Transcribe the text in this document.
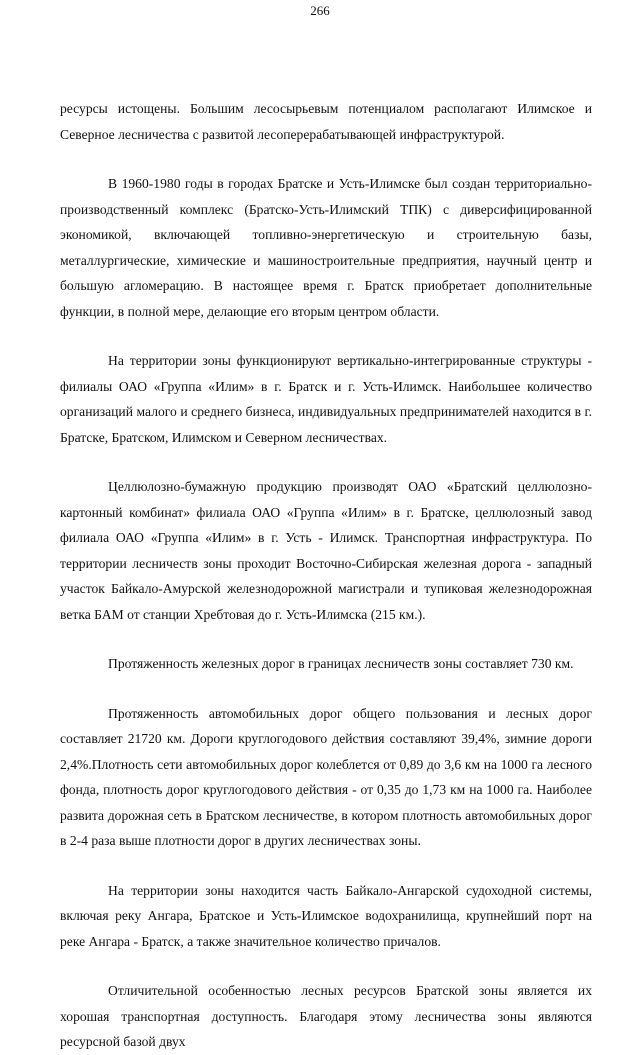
266

ресурсы истощены. Большим лесосырьевым потенциалом располагают Илимское и Северное лесничества с развитой лесоперерабатывающей инфраструктурой.

В 1960-1980 годы в городах Братске и Усть-Илимске был создан территориально-производственный комплекс (Братско-Усть-Илимский ТПК) с диверсифицированной экономикой, включающей топливно-энергетическую и строительную базы, металлургические, химические и машиностроительные предприятия, научный центр и большую агломерацию. В настоящее время г. Братск приобретает дополнительные функции, в полной мере, делающие его вторым центром области.

На территории зоны функционируют вертикально-интегрированные структуры - филиалы ОАО «Группа «Илим» в г. Братск и г. Усть-Илимск. Наибольшее количество организаций малого и среднего бизнеса, индивидуальных предпринимателей находится в г. Братске, Братском, Илимском и Северном лесничествах.

Целлюлозно-бумажную продукцию производят ОАО «Братский целлюлозно-картонный комбинат» филиала ОАО «Группа «Илим» в г. Братске, целлюлозный завод филиала ОАО «Группа «Илим» в г. Усть - Илимск. Транспортная инфраструктура. По территории лесничеств зоны проходит Восточно-Сибирская железная дорога - западный участок Байкало-Амурской железнодорожной магистрали и тупиковая железнодорожная ветка БАМ от станции Хребтовая до г. Усть-Илимска (215 км.).

Протяженность железных дорог в границах лесничеств зоны составляет 730 км.

Протяженность автомобильных дорог общего пользования и лесных дорог составляет 21720 км. Дороги круглогодового действия составляют 39,4%, зимние дороги 2,4%.Плотность сети автомобильных дорог колеблется от 0,89 до 3,6 км на 1000 га лесного фонда, плотность дорог круглогодового действия - от 0,35 до 1,73 км на 1000 га. Наиболее развита дорожная сеть в Братском лесничестве, в котором плотность автомобильных дорог в 2-4 раза выше плотности дорог в других лесничествах зоны.

На территории зоны находится часть Байкало-Ангарской судоходной системы, включая реку Ангара, Братское и Усть-Илимское водохранилища, крупнейший порт на реке Ангара - Братск, а также значительное количество причалов.

Отличительной особенностью лесных ресурсов Братской зоны является их хорошая транспортная доступность. Благодаря этому лесничества зоны являются ресурсной базой двух
